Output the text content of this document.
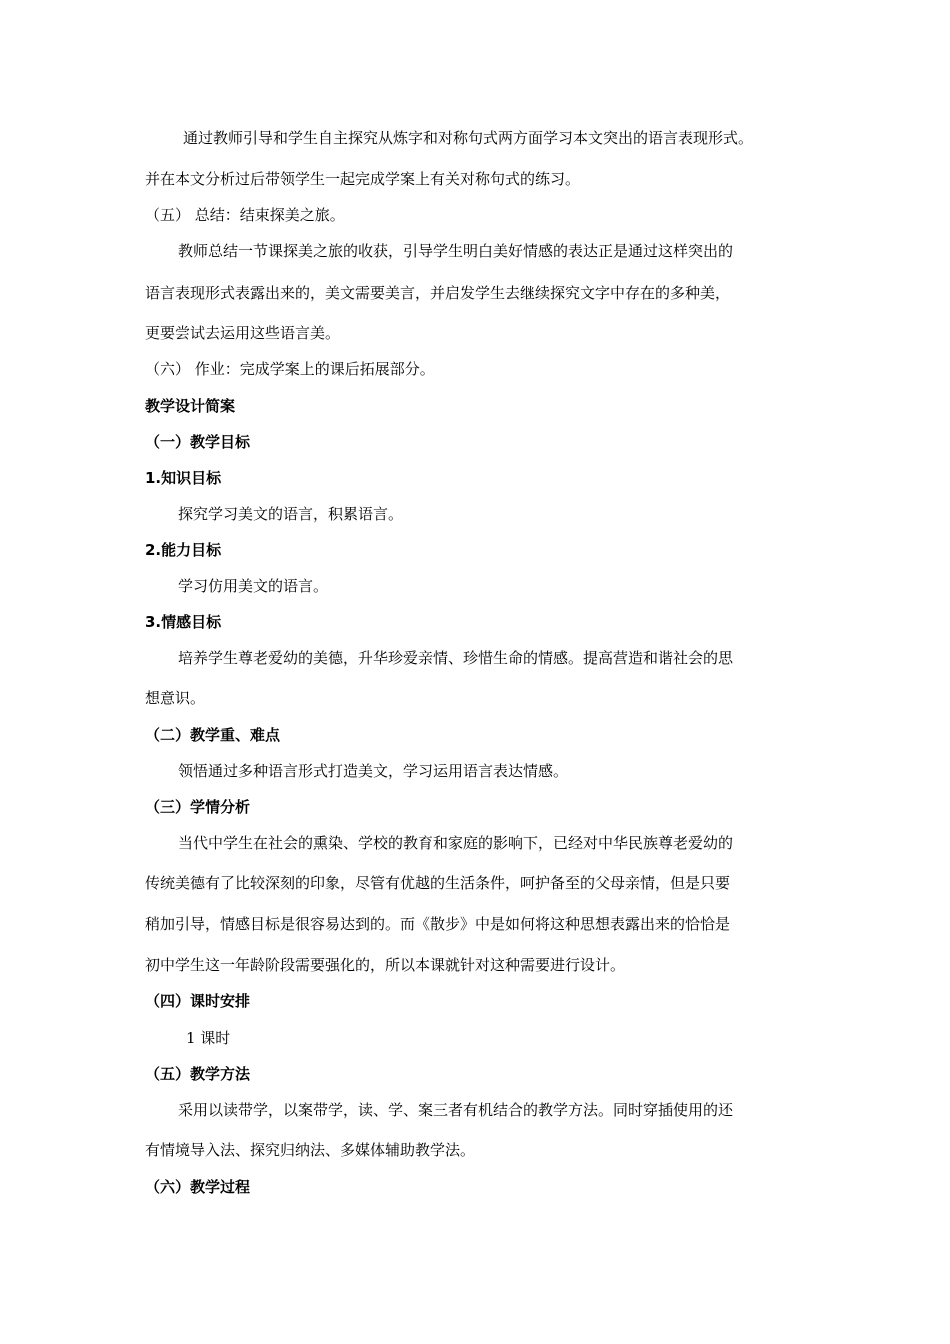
通过教师引导和学生自主探究从炼字和对称句式两方面学习本文突出的语言表现形式。
并在本文分析过后带领学生一起完成学案上有关对称句式的练习。
（五） 总结：结束探美之旅。
教师总结一节课探美之旅的收获，引导学生明白美好情感的表达正是通过这样突出的
语言表现形式表露出来的，美文需要美言，并启发学生去继续探究文字中存在的多种美，
更要尝试去运用这些语言美。
（六） 作业：完成学案上的课后拓展部分。
教学设计简案
（一）教学目标
1.知识目标
探究学习美文的语言，积累语言。
2.能力目标
学习仿用美文的语言。
3.情感目标
培养学生尊老爱幼的美德，升华珍爱亲情、珍惜生命的情感。提高营造和谐社会的思
想意识。
（二）教学重、难点
领悟通过多种语言形式打造美文，学习运用语言表达情感。
（三）学情分析
当代中学生在社会的熏染、学校的教育和家庭的影响下，已经对中华民族尊老爱幼的
传统美德有了比较深刻的印象，尽管有优越的生活条件，呵护备至的父母亲情，但是只要
稍加引导，情感目标是很容易达到的。而《散步》中是如何将这种思想表露出来的恰恰是
初中学生这一年龄阶段需要强化的，所以本课就针对这种需要进行设计。
（四）课时安排
1 课时
（五）教学方法
采用以读带学，以案带学，读、学、案三者有机结合的教学方法。同时穿插使用的还
有情境导入法、探究归纳法、多媒体辅助教学法。
（六）教学过程
